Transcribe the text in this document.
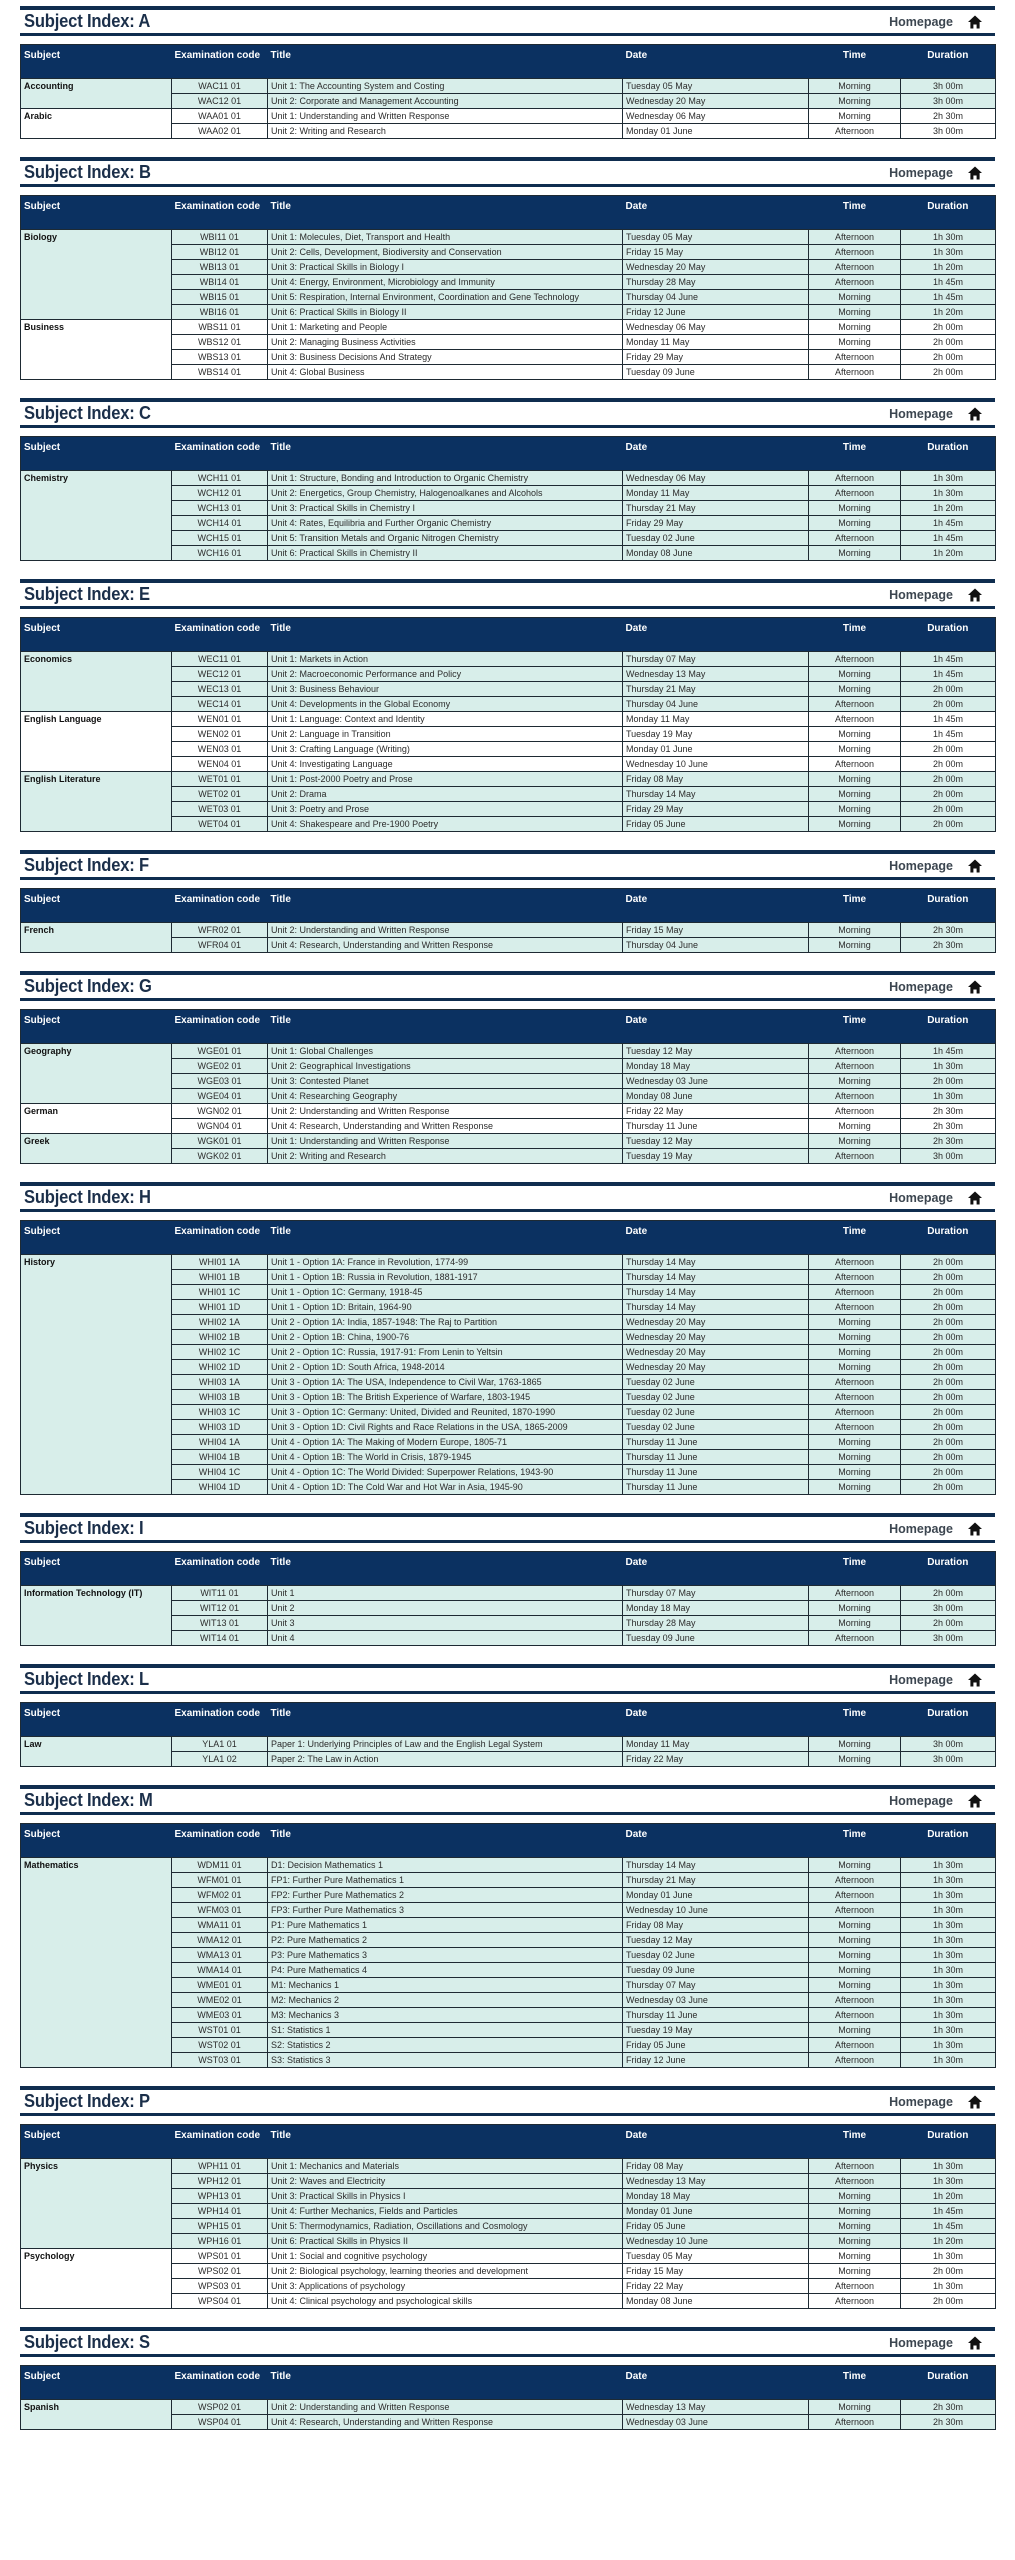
Subject Index: A	Homepage
Subject	Examination code	Title	Date	Time	Duration
Accounting	WAC11 01	Unit 1: The Accounting System and Costing	Tuesday 05 May	Morning	3h 00m
	WAC12 01	Unit 2: Corporate and Management Accounting	Wednesday 20 May	Morning	3h 00m
Arabic	WAA01 01	Unit 1: Understanding and Written Response	Wednesday 06 May	Morning	2h 30m
	WAA02 01	Unit 2: Writing and Research	Monday 01 June	Afternoon	3h 00m
Subject Index: B	Homepage
Subject	Examination code	Title	Date	Time	Duration
Biology	WBI11 01	Unit 1: Molecules, Diet, Transport and Health	Tuesday 05 May	Afternoon	1h 30m
	WBI12 01	Unit 2: Cells, Development, Biodiversity and Conservation	Friday 15 May	Afternoon	1h 30m
	WBI13 01	Unit 3: Practical Skills in Biology I	Wednesday 20 May	Afternoon	1h 20m
	WBI14 01	Unit 4: Energy, Environment, Microbiology and Immunity	Thursday 28 May	Afternoon	1h 45m
	WBI15 01	Unit 5: Respiration, Internal Environment, Coordination and Gene Technology	Thursday 04 June	Morning	1h 45m
	WBI16 01	Unit 6: Practical Skills in Biology II	Friday 12 June	Morning	1h 20m
Business	WBS11 01	Unit 1: Marketing and People	Wednesday 06 May	Morning	2h 00m
	WBS12 01	Unit 2: Managing Business Activities	Monday 11 May	Morning	2h 00m
	WBS13 01	Unit 3: Business Decisions And Strategy	Friday 29 May	Afternoon	2h 00m
	WBS14 01	Unit 4: Global Business	Tuesday 09 June	Afternoon	2h 00m
Subject Index: C	Homepage
Subject	Examination code	Title	Date	Time	Duration
Chemistry	WCH11 01	Unit 1: Structure, Bonding and Introduction to Organic Chemistry	Wednesday 06 May	Afternoon	1h 30m
	WCH12 01	Unit 2: Energetics, Group Chemistry, Halogenoalkanes and Alcohols	Monday 11 May	Afternoon	1h 30m
	WCH13 01	Unit 3: Practical Skills in Chemistry I	Thursday 21 May	Morning	1h 20m
	WCH14 01	Unit 4: Rates, Equilibria and Further Organic Chemistry	Friday 29 May	Morning	1h 45m
	WCH15 01	Unit 5: Transition Metals and Organic Nitrogen Chemistry	Tuesday 02 June	Afternoon	1h 45m
	WCH16 01	Unit 6: Practical Skills in Chemistry II	Monday 08 June	Morning	1h 20m
Subject Index: E	Homepage
Subject	Examination code	Title	Date	Time	Duration
Economics	WEC11 01	Unit 1: Markets in Action	Thursday 07 May	Afternoon	1h 45m
	WEC12 01	Unit 2: Macroeconomic Performance and Policy	Wednesday 13 May	Morning	1h 45m
	WEC13 01	Unit 3: Business Behaviour	Thursday 21 May	Morning	2h 00m
	WEC14 01	Unit 4: Developments in the Global Economy	Thursday 04 June	Afternoon	2h 00m
English Language	WEN01 01	Unit 1: Language: Context and Identity	Monday 11 May	Afternoon	1h 45m
	WEN02 01	Unit 2: Language in Transition	Tuesday 19 May	Morning	1h 45m
	WEN03 01	Unit 3: Crafting Language (Writing)	Monday 01 June	Morning	2h 00m
	WEN04 01	Unit 4: Investigating Language	Wednesday 10 June	Afternoon	2h 00m
English Literature	WET01 01	Unit 1: Post-2000 Poetry and Prose	Friday 08 May	Morning	2h 00m
	WET02 01	Unit 2: Drama	Thursday 14 May	Morning	2h 00m
	WET03 01	Unit 3: Poetry and Prose	Friday 29 May	Morning	2h 00m
	WET04 01	Unit 4: Shakespeare and Pre-1900 Poetry	Friday 05 June	Morning	2h 00m
Subject Index: F	Homepage
Subject	Examination code	Title	Date	Time	Duration
French	WFR02 01	Unit 2: Understanding and Written Response	Friday 15 May	Morning	2h 30m
	WFR04 01	Unit 4: Research, Understanding and Written Response	Thursday 04 June	Morning	2h 30m
Subject Index: G	Homepage
Subject	Examination code	Title	Date	Time	Duration
Geography	WGE01 01	Unit 1: Global Challenges	Tuesday 12 May	Afternoon	1h 45m
	WGE02 01	Unit 2: Geographical Investigations	Monday 18 May	Afternoon	1h 30m
	WGE03 01	Unit 3: Contested Planet	Wednesday 03 June	Morning	2h 00m
	WGE04 01	Unit 4: Researching Geography	Monday 08 June	Afternoon	1h 30m
German	WGN02 01	Unit 2: Understanding and Written Response	Friday 22 May	Afternoon	2h 30m
	WGN04 01	Unit 4: Research, Understanding and Written Response	Thursday 11 June	Morning	2h 30m
Greek	WGK01 01	Unit 1: Understanding and Written Response	Tuesday 12 May	Morning	2h 30m
	WGK02 01	Unit 2: Writing and Research	Tuesday 19 May	Afternoon	3h 00m
Subject Index: H	Homepage
Subject	Examination code	Title	Date	Time	Duration
History	WHI01 1A	Unit 1 - Option 1A: France in Revolution, 1774-99	Thursday 14 May	Afternoon	2h 00m
	WHI01 1B	Unit 1 - Option 1B: Russia in Revolution, 1881-1917	Thursday 14 May	Afternoon	2h 00m
	WHI01 1C	Unit 1 - Option 1C: Germany, 1918-45	Thursday 14 May	Afternoon	2h 00m
	WHI01 1D	Unit 1 - Option 1D: Britain, 1964-90	Thursday 14 May	Afternoon	2h 00m
	WHI02 1A	Unit 2 - Option 1A: India, 1857-1948: The Raj to Partition	Wednesday 20 May	Morning	2h 00m
	WHI02 1B	Unit 2 - Option 1B: China, 1900-76	Wednesday 20 May	Morning	2h 00m
	WHI02 1C	Unit 2 - Option 1C: Russia, 1917-91: From Lenin to Yeltsin	Wednesday 20 May	Morning	2h 00m
	WHI02 1D	Unit 2 - Option 1D: South Africa, 1948-2014	Wednesday 20 May	Morning	2h 00m
	WHI03 1A	Unit 3 - Option 1A: The USA, Independence to Civil War, 1763-1865	Tuesday 02 June	Afternoon	2h 00m
	WHI03 1B	Unit 3 - Option 1B: The British Experience of Warfare, 1803-1945	Tuesday 02 June	Afternoon	2h 00m
	WHI03 1C	Unit 3 - Option 1C: Germany: United, Divided and Reunited, 1870-1990	Tuesday 02 June	Afternoon	2h 00m
	WHI03 1D	Unit 3 - Option 1D: Civil Rights and Race Relations in the USA, 1865-2009	Tuesday 02 June	Afternoon	2h 00m
	WHI04 1A	Unit 4 - Option 1A: The Making of Modern Europe, 1805-71	Thursday 11 June	Morning	2h 00m
	WHI04 1B	Unit 4 - Option 1B: The World in Crisis, 1879-1945	Thursday 11 June	Morning	2h 00m
	WHI04 1C	Unit 4 - Option 1C: The World Divided: Superpower Relations, 1943-90	Thursday 11 June	Morning	2h 00m
	WHI04 1D	Unit 4 - Option 1D: The Cold War and Hot War in Asia, 1945-90	Thursday 11 June	Morning	2h 00m
Subject Index: I	Homepage
Subject	Examination code	Title	Date	Time	Duration
Information Technology (IT)	WIT11 01	Unit 1	Thursday 07 May	Afternoon	2h 00m
	WIT12 01	Unit 2	Monday 18 May	Morning	3h 00m
	WIT13 01	Unit 3	Thursday 28 May	Morning	2h 00m
	WIT14 01	Unit 4	Tuesday 09 June	Afternoon	3h 00m
Subject Index: L	Homepage
Subject	Examination code	Title	Date	Time	Duration
Law	YLA1 01	Paper 1: Underlying Principles of Law and the English Legal System	Monday 11 May	Morning	3h 00m
	YLA1 02	Paper 2: The Law in Action	Friday 22 May	Morning	3h 00m
Subject Index: M	Homepage
Subject	Examination code	Title	Date	Time	Duration
Mathematics	WDM11 01	D1: Decision Mathematics 1	Thursday 14 May	Morning	1h 30m
	WFM01 01	FP1: Further Pure Mathematics 1	Thursday 21 May	Afternoon	1h 30m
	WFM02 01	FP2: Further Pure Mathematics 2	Monday 01 June	Afternoon	1h 30m
	WFM03 01	FP3: Further Pure Mathematics 3	Wednesday 10 June	Afternoon	1h 30m
	WMA11 01	P1: Pure Mathematics 1	Friday 08 May	Morning	1h 30m
	WMA12 01	P2: Pure Mathematics 2	Tuesday 12 May	Morning	1h 30m
	WMA13 01	P3: Pure Mathematics 3	Tuesday 02 June	Morning	1h 30m
	WMA14 01	P4: Pure Mathematics 4	Tuesday 09 June	Morning	1h 30m
	WME01 01	M1: Mechanics 1	Thursday 07 May	Morning	1h 30m
	WME02 01	M2: Mechanics 2	Wednesday 03 June	Afternoon	1h 30m
	WME03 01	M3: Mechanics 3	Thursday 11 June	Afternoon	1h 30m
	WST01 01	S1: Statistics 1	Tuesday 19 May	Morning	1h 30m
	WST02 01	S2: Statistics 2	Friday 05 June	Afternoon	1h 30m
	WST03 01	S3: Statistics 3	Friday 12 June	Afternoon	1h 30m
Subject Index: P	Homepage
Subject	Examination code	Title	Date	Time	Duration
Physics	WPH11 01	Unit 1: Mechanics and Materials	Friday 08 May	Afternoon	1h 30m
	WPH12 01	Unit 2: Waves and Electricity	Wednesday 13 May	Afternoon	1h 30m
	WPH13 01	Unit 3: Practical Skills in Physics I	Monday 18 May	Morning	1h 20m
	WPH14 01	Unit 4: Further Mechanics, Fields and Particles	Monday 01 June	Morning	1h 45m
	WPH15 01	Unit 5: Thermodynamics, Radiation, Oscillations and Cosmology	Friday 05 June	Morning	1h 45m
	WPH16 01	Unit 6: Practical Skills in Physics II	Wednesday 10 June	Morning	1h 20m
Psychology	WPS01 01	Unit 1: Social and cognitive psychology	Tuesday 05 May	Morning	1h 30m
	WPS02 01	Unit 2: Biological psychology, learning theories and development	Friday 15 May	Morning	2h 00m
	WPS03 01	Unit 3: Applications of psychology	Friday 22 May	Afternoon	1h 30m
	WPS04 01	Unit 4: Clinical psychology and psychological skills	Monday 08 June	Afternoon	2h 00m
Subject Index: S	Homepage
Subject	Examination code	Title	Date	Time	Duration
Spanish	WSP02 01	Unit 2: Understanding and Written Response	Wednesday 13 May	Morning	2h 30m
	WSP04 01	Unit 4: Research, Understanding and Written Response	Wednesday 03 June	Afternoon	2h 30m
